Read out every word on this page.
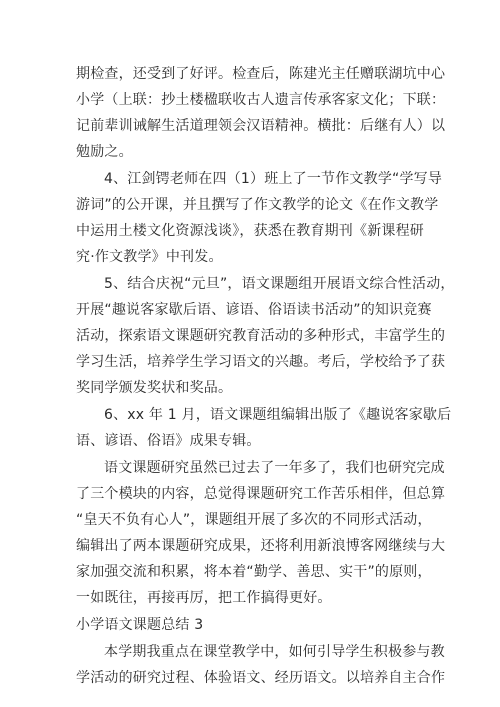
期检查，还受到了好评。检查后，陈建光主任赠联湖坑中心
小学（上联：抄土楼楹联收古人遗言传承客家文化；下联：
记前辈训诫解生活道理领会汉语精神。横批：后继有人）以
勉励之。
4、江剑锷老师在四（1）班上了一节作文教学“学写导
游词”的公开课，并且撰写了作文教学的论文《在作文教学
中运用土楼文化资源浅谈》，获悉在教育期刊《新课程研
究·作文教学》中刊发。
5、结合庆祝“元旦”，语文课题组开展语文综合性活动，
开展“趣说客家歇后语、谚语、俗语读书活动”的知识竞赛
活动，探索语文课题研究教育活动的多种形式，丰富学生的
学习生活，培养学生学习语文的兴趣。考后，学校给予了获
奖同学颁发奖状和奖品。
6、xx 年 1 月，语文课题组编辑出版了《趣说客家歇后
语、谚语、俗语》成果专辑。
语文课题研究虽然已过去了一年多了，我们也研究完成
了三个模块的内容，总觉得课题研究工作苦乐相伴，但总算
“皇天不负有心人”，课题组开展了多次的不同形式活动，
编辑出了两本课题研究成果，还将利用新浪博客网继续与大
家加强交流和积累，将本着“勤学、善思、实干”的原则，
一如既往，再接再厉，把工作搞得更好。
小学语文课题总结 3
本学期我重点在课堂教学中，如何引导学生积极参与教
学活动的研究过程、体验语文、经历语文。以培养自主合作
